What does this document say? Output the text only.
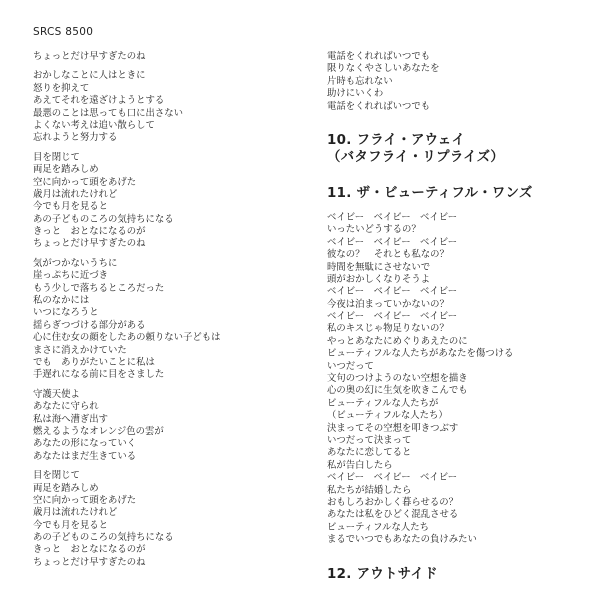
SRCS 8500
ちょっとだけ早すぎたのね
おかしなことに人はときに
怒りを抑えて
あえてそれを遠ざけようとする
最悪のことは思っても口に出さない
よくない考えは追い散らして
忘れようと努力する
目を閉じて
両足を踏みしめ
空に向かって頭をあげた
歳月は流れたけれど
今でも月を見ると
あの子どものころの気持ちになる
きっと　おとなになるのが
ちょっとだけ早すぎたのね
気がつかないうちに
崖っぷちに近づき
もう少しで落ちるところだった
私のなかには
いつになろうと
揺らぎつづける部分がある
心に住む女の顔をしたあの頼りない子どもは
まさに消えかけていた
でも　ありがたいことに私は
手遅れになる前に目をさました
守護天使よ
あなたに守られ
私は海へ漕ぎ出す
燃えるようなオレンジ色の雲が
あなたの形になっていく
あなたはまだ生きている
目を閉じて
両足を踏みしめ
空に向かって頭をあげた
歳月は流れたけれど
今でも月を見ると
あの子どものころの気持ちになる
きっと　おとなになるのが
ちょっとだけ早すぎたのね
電話をくれればいつでも
限りなくやさしいあなたを
片時も忘れない
助けにいくわ
電話をくれればいつでも
10. フライ・アウェイ
（バタフライ・リプライズ）
11. ザ・ビューティフル・ワンズ
ベイビー　ベイビー　ベイビー
いったいどうするの？
ベイビー　ベイビー　ベイビー
彼なの？　それとも私なの？
時間を無駄にさせないで
頭がおかしくなりそうよ
ベイビー　ベイビー　ベイビー
今夜は泊まっていかないの？
ベイビー　ベイビー　ベイビー
私のキスじゃ物足りないの？
やっとあなたにめぐりあえたのに
ビューティフルな人たちがあなたを傷つける
いつだって
文句のつけようのない空想を描き
心の奥の幻に生気を吹きこんでも
ビューティフルな人たちが
（ビューティフルな人たち）
決まってその空想を叩きつぶす
いつだって決まって
あなたに恋してると
私が告白したら
ベイビー　ベイビー　ベイビー
私たちが結婚したら
おもしろおかしく暮らせるの？
あなたは私をひどく混乱させる
ビューティフルな人たち
まるでいつでもあなたの負けみたい
12. アウトサイド
